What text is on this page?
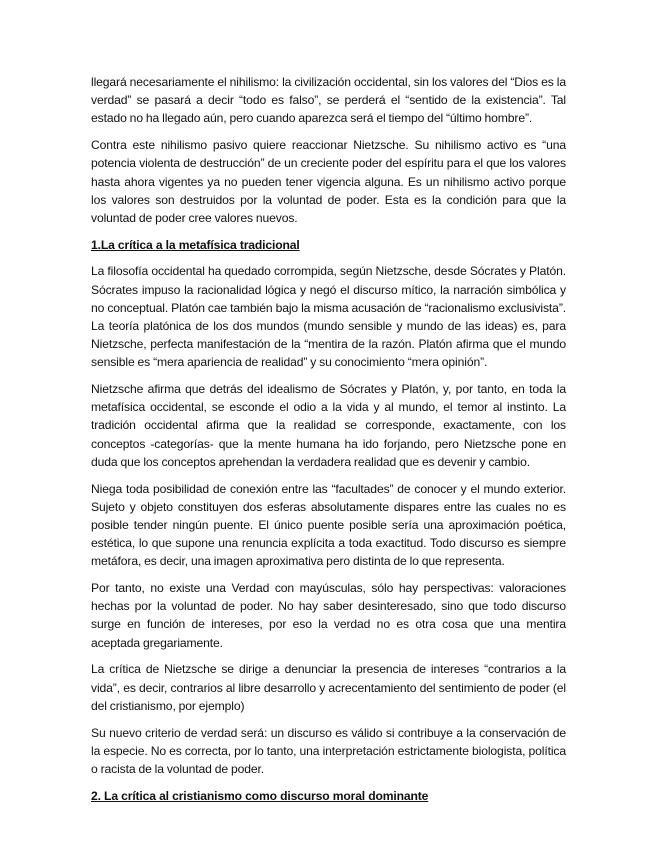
llegará necesariamente el nihilismo: la civilización occidental, sin los valores del “Dios es la verdad” se pasará a decir “todo es falso”, se perderá el “sentido de la existencia”. Tal estado no ha llegado aún, pero cuando aparezca será el tiempo del “último hombre”.

Contra este nihilismo pasivo quiere reaccionar Nietzsche. Su nihilismo activo es “una potencia violenta de destrucción” de un creciente poder del espíritu para el que los valores hasta ahora vigentes ya no pueden tener vigencia alguna. Es un nihilismo activo porque los valores son destruidos por la voluntad de poder. Esta es la condición para que la voluntad de poder cree valores nuevos.

1.La crítica a la metafísica tradicional

La filosofía occidental ha quedado corrompida, según Nietzsche, desde Sócrates y Platón. Sócrates impuso la racionalidad lógica y negó el discurso mítico, la narración simbólica y no conceptual. Platón cae también bajo la misma acusación de “racionalismo exclusivista”. La teoría platónica de los dos mundos (mundo sensible y mundo de las ideas) es, para Nietzsche, perfecta manifestación de la “mentira de la razón. Platón afirma que el mundo sensible es “mera apariencia de realidad” y su conocimiento “mera opinión”.

Nietzsche afirma que detrás del idealismo de Sócrates y Platón, y, por tanto, en toda la metafísica occidental, se esconde el odio a la vida y al mundo, el temor al instinto. La tradición occidental afirma que la realidad se corresponde, exactamente, con los conceptos -categorías- que la mente humana ha ido forjando, pero Nietzsche pone en duda que los conceptos aprehendan la verdadera realidad que es devenir y cambio.

Niega toda posibilidad de conexión entre las “facultades” de conocer y el mundo exterior. Sujeto y objeto constituyen dos esferas absolutamente dispares entre las cuales no es posible tender ningún puente. El único puente posible sería una aproximación poética, estética, lo que supone una renuncia explícita a toda exactitud. Todo discurso es siempre metáfora, es decir, una imagen aproximativa pero distinta de lo que representa.

Por tanto, no existe una Verdad con mayúsculas, sólo hay perspectivas: valoraciones hechas por la voluntad de poder. No hay saber desinteresado, sino que todo discurso surge en función de intereses, por eso la verdad no es otra cosa que una mentira aceptada gregariamente.

La crítica de Nietzsche se dirige a denunciar la presencia de intereses “contrarios a la vida”, es decir, contrarios al libre desarrollo y acrecentamiento del sentimiento de poder (el del cristianismo, por ejemplo)

Su nuevo criterio de verdad será: un discurso es válido si contribuye a la conservación de la especie. No es correcta, por lo tanto, una interpretación estrictamente biologista, política o racista de la voluntad de poder.

2. La crítica al cristianismo como discurso moral dominante
